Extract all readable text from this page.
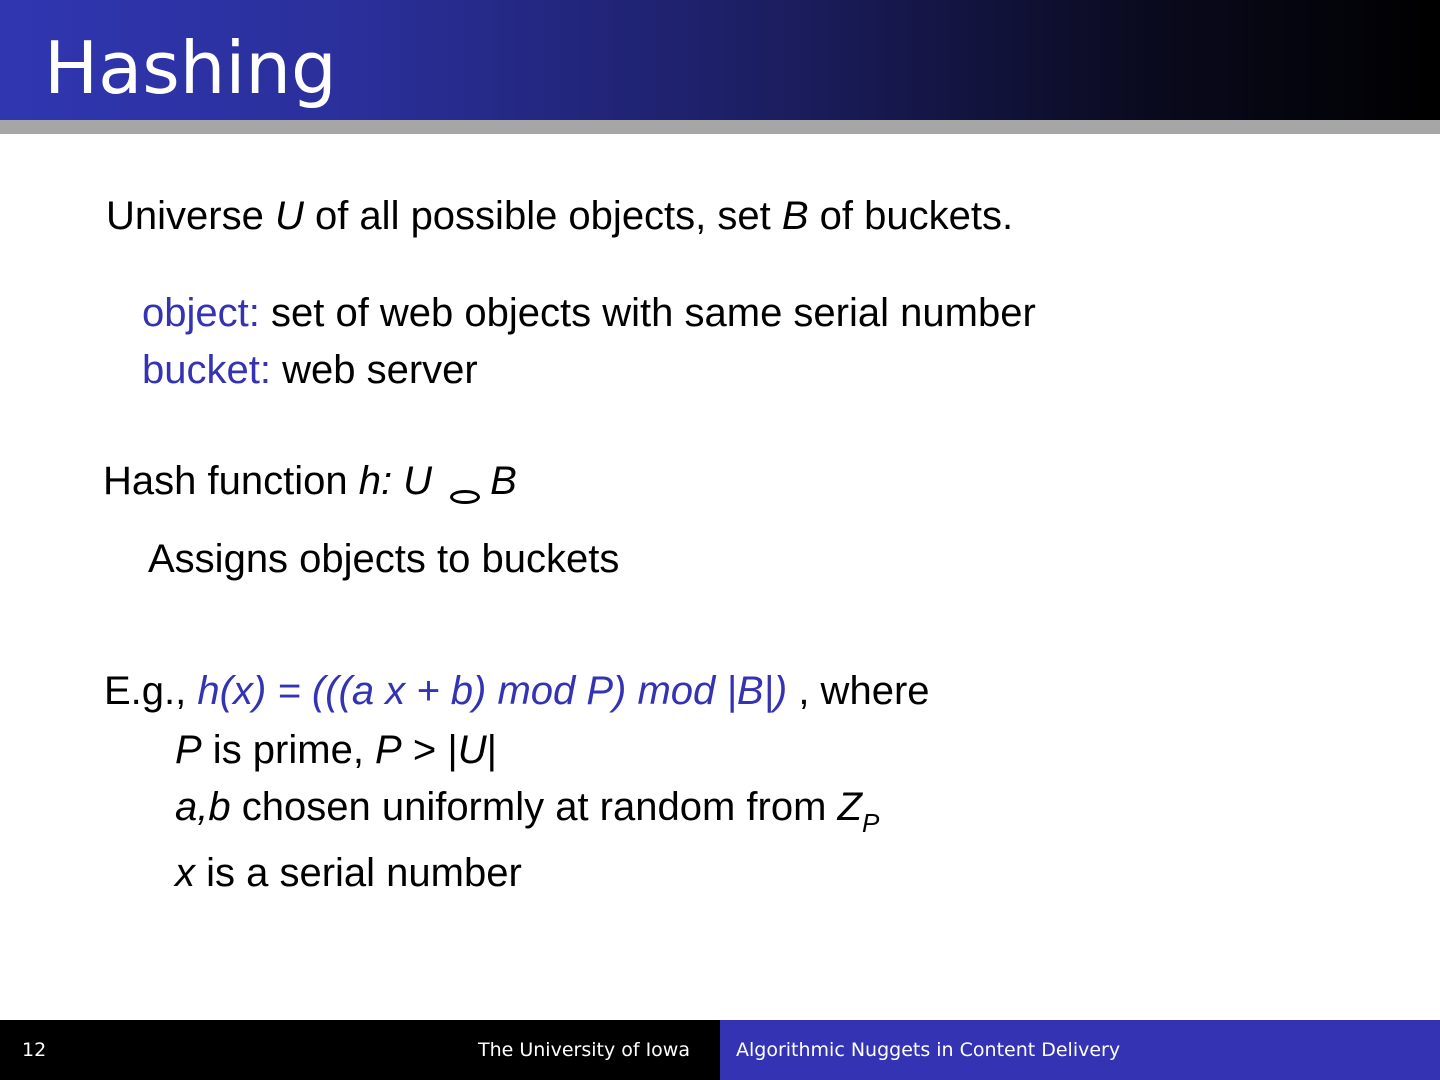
Hashing
Universe U of all possible objects, set B of buckets.
object: set of web objects with same serial number
bucket: web server
Hash function h: U B
Assigns objects to buckets
E.g., h(x) = (((a x + b) mod P) mod |B|) , where
P is prime, P > |U|
a,b chosen uniformly at random from $Z_P$
x is a serial number
12	The University of Iowa Algorithmic Nuggets in Content Delivery
